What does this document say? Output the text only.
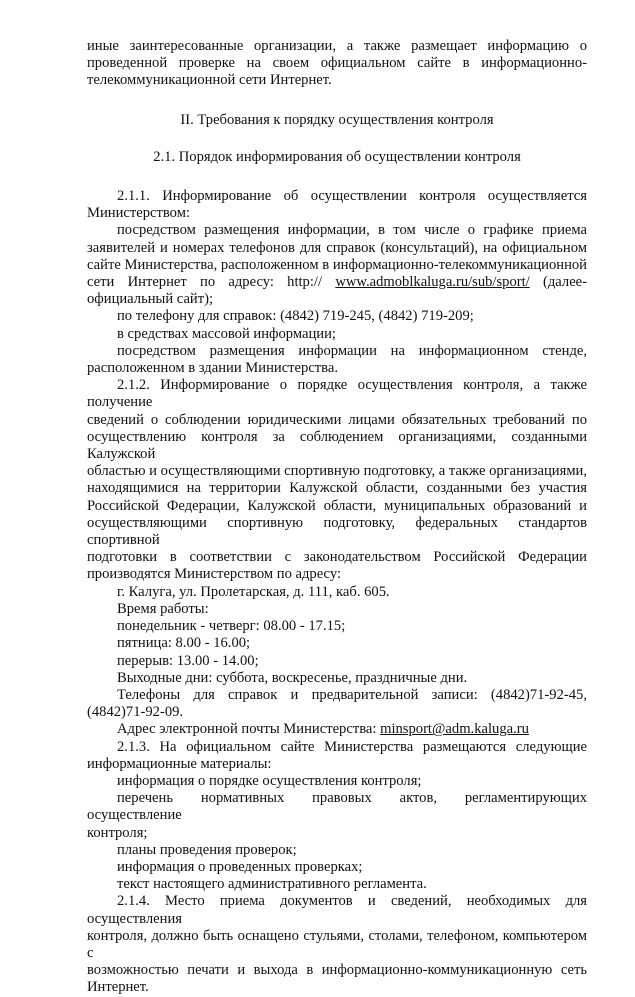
иные заинтересованные организации, а также размещает информацию о

проведенной проверке на своем официальном сайте в информационно-

телекоммуникационной сети Интернет.

II. Требования к порядку осуществления контроля

2.1. Порядок информирования об осуществлении контроля

2.1.1. Информирование об осуществлении контроля осуществляется

Министерством:

посредством размещения информации, в том числе о графике приема

заявителей и номерах телефонов для справок (консультаций), на официальном

сайте Министерства, расположенном в информационно-телекоммуникационной

сети Интернет по адресу: http:// www.admoblkaluga.ru/sub/sport/ (далее-

официальный сайт);

по телефону для справок: (4842) 719-245, (4842) 719-209;

в средствах массовой информации;

посредством размещения информации на информационном стенде,

расположенном в здании Министерства.

2.1.2. Информирование о порядке осуществления контроля, а также получение

сведений о соблюдении юридическими лицами обязательных требований по

осуществлению контроля за соблюдением организациями, созданными Калужской

областью и осуществляющими спортивную подготовку, а также организациями,

находящимися на территории Калужской области, созданными без участия

Российской Федерации, Калужской области, муниципальных образований и

осуществляющими спортивную подготовку, федеральных стандартов спортивной

подготовки в соответствии с законодательством Российской Федерации

производятся Министерством по адресу:

г. Калуга, ул. Пролетарская, д. 111, каб. 605.

Время работы:

понедельник - четверг: 08.00 - 17.15;

пятница: 8.00 - 16.00;

перерыв: 13.00 - 14.00;

Выходные дни: суббота, воскресенье, праздничные дни.

Телефоны для справок и предварительной записи: (4842)71-92-45,

(4842)71-92-09.

Адрес электронной почты Министерства: minsport@adm.kaluga.ru

2.1.3. На официальном сайте Министерства размещаются следующие

информационные материалы:

информация о порядке осуществления контроля;

перечень нормативных правовых актов, регламентирующих осуществление

контроля;

планы проведения проверок;

информация о проведенных проверках;

текст настоящего административного регламента.

2.1.4. Место приема документов и сведений, необходимых для осуществления

контроля, должно быть оснащено стульями, столами, телефоном, компьютером с

возможностью печати и выхода в информационно-коммуникационную сеть

Интернет.
